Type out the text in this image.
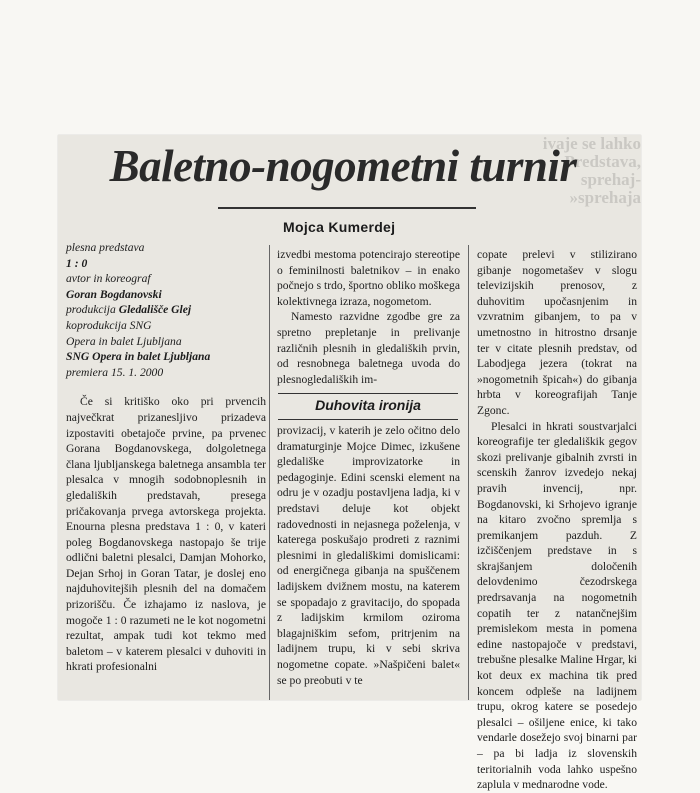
ivaje se lahko
Predstava,
sprehaj-
»sprehaja
Baletno-nogometni turnir
Mojca Kumerdej

plesna predstava

1 : 0

avtor in koreograf

Goran Bogdanovski

produkcija Gledališče Glej

koprodukcija SNG

Opera in balet Ljubljana

SNG Opera in balet Ljubljana

premiera 15. 1. 2000

Če si kritiško oko pri prvencih največkrat prizanesljivo prizadeva izpostaviti obetajoče prvine, pa prvenec Gorana Bogdanovskega, dolgoletnega člana ljubljanskega baletnega ansambla ter plesalca v mnogih sodobnoplesnih in gledaliških predstavah, presega pričakovanja prvega avtorskega projekta. Enourna plesna predstava 1 : 0, v kateri poleg Bogdanovskega nastopajo še trije odlični baletni plesalci, Damjan Mohorko, Dejan Srhoj in Goran Tatar, je doslej eno najduhovitejših plesnih del na domačem prizorišču. Če izhajamo iz naslova, je mogoče 1 : 0 razumeti ne le kot nogometni rezultat, ampak tudi kot tekmo med baletom – v katerem plesalci v duhoviti in hkrati profesionalni

izvedbi mestoma potencirajo stereotipe o feminilnosti baletnikov – in enako počnejo s trdo, športno obliko moškega kolektivnega izraza, nogometom.

Namesto razvidne zgodbe gre za spretno prepletanje in prelivanje različnih plesnih in gledaliških prvin, od resnobnega baletnega uvoda do plesnogledaliških im-

Duhovita ironija

provizacij, v katerih je zelo očitno delo dramaturginje Mojce Dimec, izkušene gledališke improvizatorke in pedagoginje. Edini scenski element na odru je v ozadju postavljena ladja, ki v predstavi deluje kot objekt radovednosti in nejasnega poželenja, v katerega poskušajo prodreti z raznimi plesnimi in gledališkimi domislicami: od energičnega gibanja na spuščenem ladijskem dvižnem mostu, na katerem se spopadajo z gravitacijo, do spopada z ladijskim krmilom oziroma blagajniškim sefom, pritrjenim na ladijnem trupu, ki v sebi skriva nogometne copate. »Našpičeni balet« se po preobuti v te

copate prelevi v stilizirano gibanje nogometašev v slogu televizijskih prenosov, z duhovitim upočasnjenim in vzvratnim gibanjem, to pa v umetnostno in hitrostno drsanje ter v citate plesnih predstav, od Labodjega jezera (tokrat na »nogometnih špicah«) do gibanja hrbta v koreografijah Tanje Zgonc.

Plesalci in hkrati soustvarjalci koreografije ter gledališkik gegov skozi prelivanje gibalnih zvrsti in scenskih žanrov izvedejo nekaj pravih invencij, npr. Bogdanovski, ki Srhojevo igranje na kitaro zvočno spremlja s premikanjem pazduh. Z izčiščenjem predstave in s skrajšanjem določenih delovdenimo čezodrskega predrsavanja na nogometnih copatih ter z natančnejšim premislekom mesta in pomena edine nastopajoče v predstavi, trebušne plesalke Maline Hrgar, ki kot deux ex machina tik pred koncem odpleše na ladijnem trupu, okrog katere se posedejo plesalci – ošiljene enice, ki tako vendarle dosežejo svoj binarni par – pa bi ladja iz slovenskih teritorialnih voda lahko uspešno zaplula v mednarodne vode.
